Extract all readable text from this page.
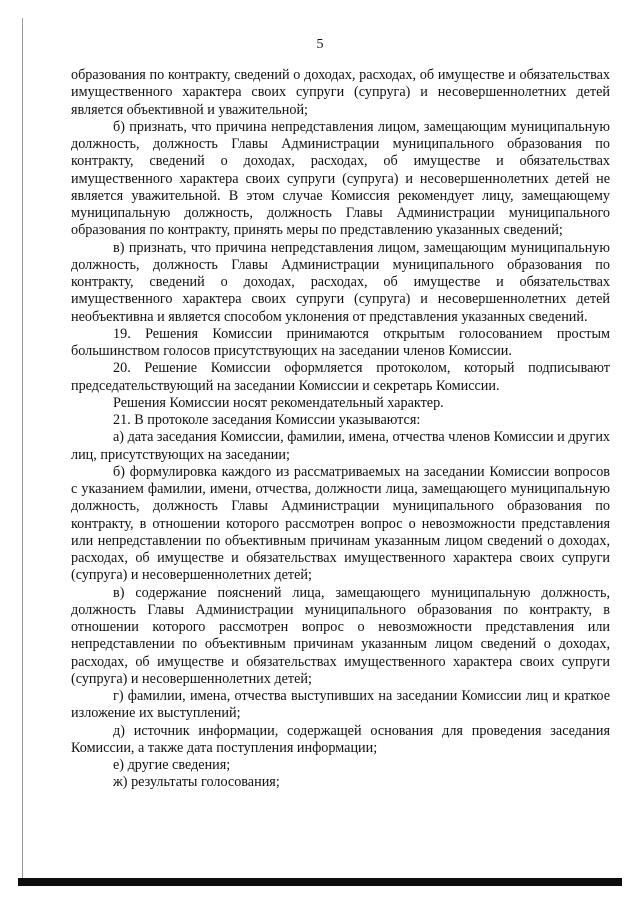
5

образования по контракту, сведений о доходах, расходах, об имуществе и обязательствах имущественного характера своих супруги (супруга) и несовершеннолетних детей является объективной и уважительной;

б) признать, что причина непредставления лицом, замещающим муниципальную должность, должность Главы Администрации муниципального образования по контракту, сведений о доходах, расходах, об имуществе и обязательствах имущественного характера своих супруги (супруга) и несовершеннолетних детей не является уважительной. В этом случае Комиссия рекомендует лицу, замещающему муниципальную должность, должность Главы Администрации муниципального образования по контракту, принять меры по представлению указанных сведений;

в) признать, что причина непредставления лицом, замещающим муниципальную должность, должность Главы Администрации муниципального образования по контракту, сведений о доходах, расходах, об имуществе и обязательствах имущественного характера своих супруги (супруга) и несовершеннолетних детей необъективна и является способом уклонения от представления указанных сведений.

19. Решения Комиссии принимаются открытым голосованием простым большинством голосов присутствующих на заседании членов Комиссии.

20. Решение Комиссии оформляется протоколом, который подписывают председательствующий на заседании Комиссии и секретарь Комиссии.

Решения Комиссии носят рекомендательный характер.

21. В протоколе заседания Комиссии указываются:

а) дата заседания Комиссии, фамилии, имена, отчества членов Комиссии и других лиц, присутствующих на заседании;

б) формулировка каждого из рассматриваемых на заседании Комиссии вопросов с указанием фамилии, имени, отчества, должности лица, замещающего муниципальную должность, должность Главы Администрации муниципального образования по контракту, в отношении которого рассмотрен вопрос о невозможности представления или непредставлении по объективным причинам указанным лицом сведений о доходах, расходах, об имуществе и обязательствах имущественного характера своих супруги (супруга) и несовершеннолетних детей;

в) содержание пояснений лица, замещающего муниципальную должность, должность Главы Администрации муниципального образования по контракту, в отношении которого рассмотрен вопрос о невозможности представления или непредставлении по объективным причинам указанным лицом сведений о доходах, расходах, об имуществе и обязательствах имущественного характера своих супруги (супруга) и несовершеннолетних детей;

г) фамилии, имена, отчества выступивших на заседании Комиссии лиц и краткое изложение их выступлений;

д) источник информации, содержащей основания для проведения заседания Комиссии, а также дата поступления информации;

е) другие сведения;

ж) результаты голосования;
